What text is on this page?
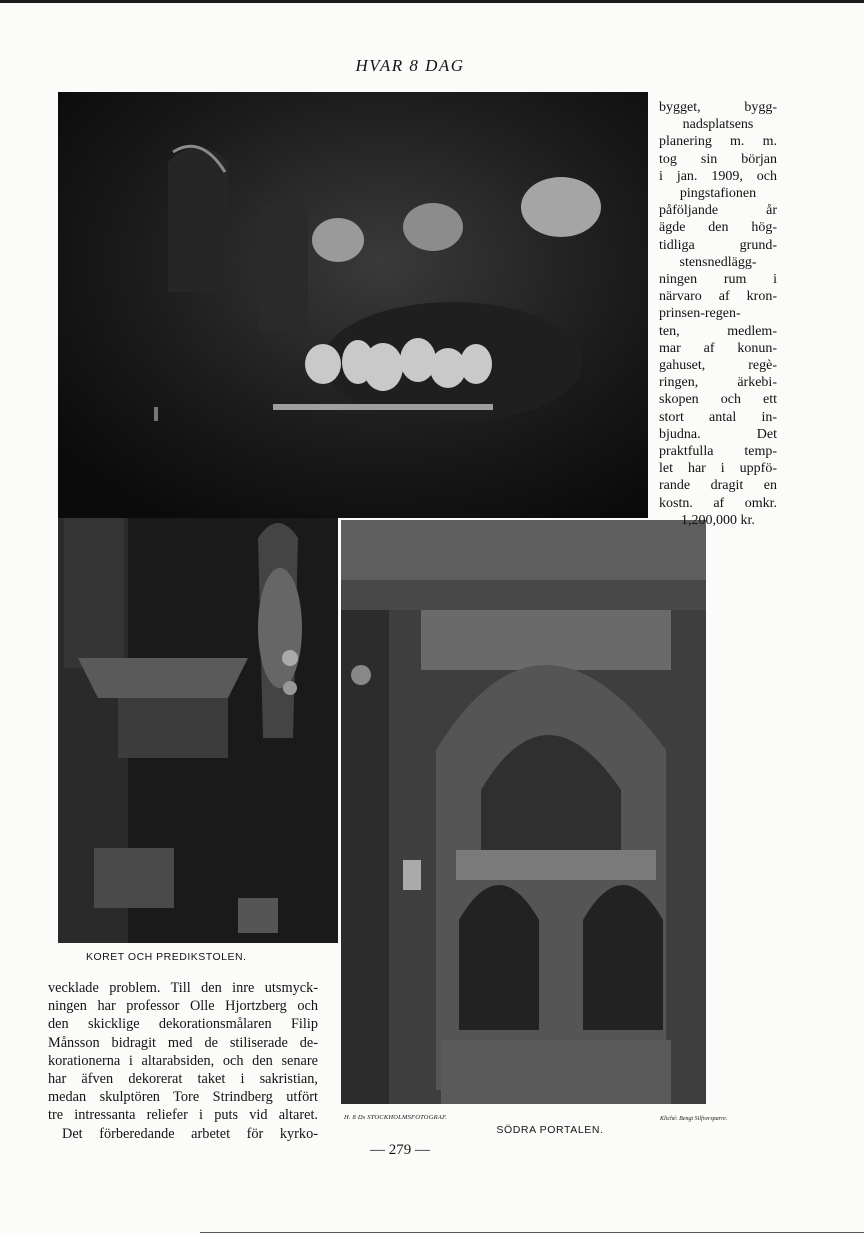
HVAR 8 DAG
bygget, bygg-
nadsplatsens
planering m. m.
tog sin början
i jan. 1909, och
pingstafionen
påföljande år
ägde den hög-
tidliga grund-
stensnedlägg-
ningen rum i
närvaro af kron-
prinsen-regen-
ten, medlem-
mar af konun-
gahuset, regè-
ringen, ärkebi-
skopen och ett
stort antal in-
bjudna. Det
praktfulla temp-
let har i uppfö-
rande dragit en
kostn. af omkr.
1,200,000 kr.
KORET OCH PREDIKSTOLEN.
vecklade problem. Till den inre utsmyck-
ningen har professor Olle Hjortzberg och
den skicklige dekorationsmålaren Filip
Månsson bidragit med de stiliserade de-
korationerna i altarabsiden, och den senare
har äfven dekorerat taket i sakristian,
medan skulptören Tore Strindberg utfört
tre intressanta reliefer i puts vid altaret.
Det förberedande arbetet för kyrko-
H. 8 Ds STOCKHOLMSFOTOGRAF.	Kliché: Bengt Silfversparre.
SÖDRA PORTALEN.
— 279 —
